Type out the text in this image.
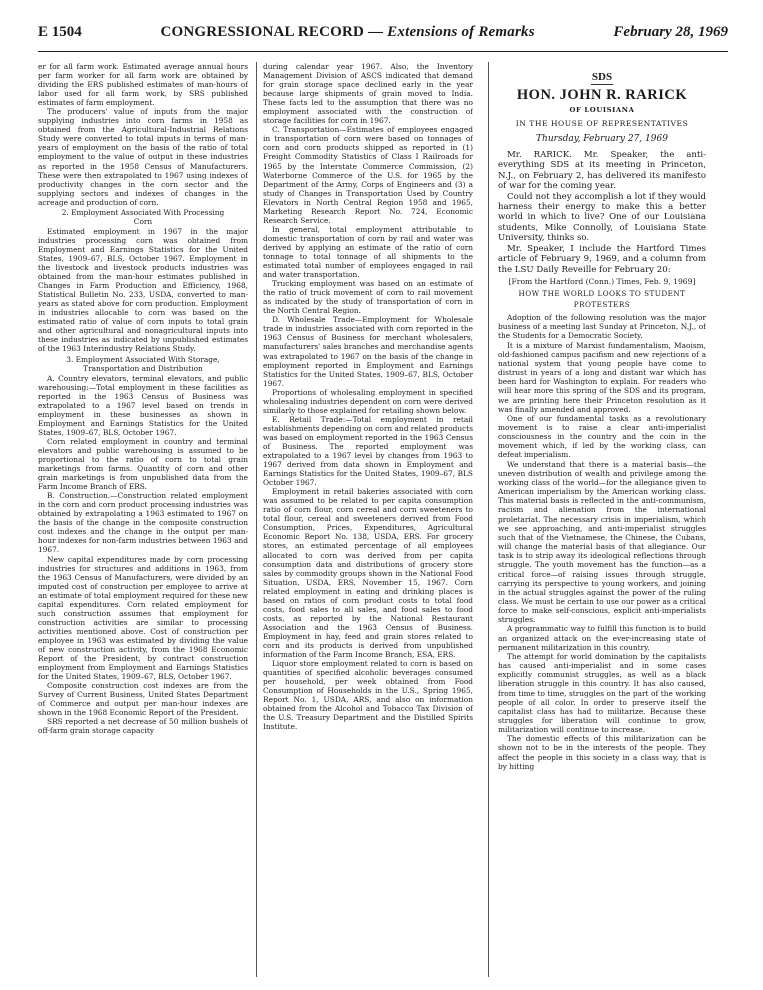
E 1504	CONGRESSIONAL RECORD — Extensions of Remarks	February 28, 1969

er for all farm work. Estimated average annual hours per farm worker for all farm work are obtained by dividing the ERS published estimates of man-hours of labor used for all farm work, by SRS published estimates of farm employment.

The producers' value of inputs from the major supplying industries into corn farms in 1958 as obtained from the Agricultural-Industrial Relations Study were converted to total inputs in terms of man-years of employment on the basis of the ratio of total employment to the value of output in these industries as reported in the 1958 Census of Manufacturers. These were then extrapolated to 1967 using indexes of productivity changes in the corn sector and the supplying sectors and indexes of changes in the acreage and production of corn.

2. Employment Associated With Processing Corn

Estimated employment in 1967 in the major industries processing corn was obtained from Employment and Earnings Statistics for the United States, 1909–67, BLS, October 1967. Employment in the livestock and livestock products industries was obtained from the man-hour estimates published in Changes in Farm Production and Efficiency, 1968, Statistical Bulletin No. 233, USDA, converted to man-years as stated above for corn production. Employment in industries allocable to corn was based on the estimated ratio of value of corn inputs to total grain and other agricultural and nonagricultural inputs into these industries as indicated by unpublished estimates of the 1963 Interindustry Relations Study.

3. Employment Associated With Storage, Transportation and Distribution

A. Country elevators, terminal elevators, and public warehousing:—Total employment in these facilities as reported in the 1963 Census of Business was extrapolated to a 1967 level based on trends in employment in these businesses as shown in Employment and Earnings Statistics for the United States, 1909–67, BLS, October 1967.

Corn related employment in country and terminal elevators and public warehousing is assumed to be proportional to the ratio of corn to total grain marketings from farms. Quantity of corn and other grain marketings is from unpublished data from the Farm Income Branch of ERS.

B. Construction.—Construction related employment in the corn and corn product processing industries was obtained by extrapolating a 1963 estimated to 1967 on the basis of the change in the composite construction cost indexes and the change in the output per man-hour indexes for non-farm industries between 1963 and 1967.

New capital expenditures made by corn processing industries for structures and additions in 1963, from the 1963 Census of Manufacturers, were divided by an imputed cost of construction per employee to arrive at an estimate of total employment required for these new capital expenditures. Corn related employment for such construction assumes that employment for construction activities are similar to processing activities mentioned above. Cost of construction per employee in 1963 was estimated by dividing the value of new construction activity, from the 1968 Economic Report of the President, by contract construction employment from Employment and Earnings Statistics for the United States, 1909–67, BLS, October 1967.

Composite construction cost indexes are from the Survey of Current Business, United States Department of Commerce and output per man-hour indexes are shown in the 1968 Economic Report of the President.

SRS reported a net decrease of 50 million bushels of off-farm grain storage capacity

during calendar year 1967. Also, the Inventory Management Division of ASCS indicated that demand for grain storage space declined early in the year because large shipments of grain moved to India. These facts led to the assumption that there was no employment associated with the construction of storage facilities for corn in 1967.

C. Transportation—Estimates of employees engaged in transportation of corn were based on tonnages of corn and corn products shipped as reported in (1) Freight Commodity Statistics of Class I Railroads for 1965 by the Interstate Commerce Commission, (2) Waterborne Commerce of the U.S. for 1965 by the Department of the Army, Corps of Engineers and (3) a study of Changes in Transportation Used by Country Elevators in North Central Region 1958 and 1965, Marketing Research Report No. 724, Economic Research Service.

In general, total employment attributable to domestic transportation of corn by rail and water was derived by applying an estimate of the ratio of corn tonnage to total tonnage of all shipments to the estimated total number of employees engaged in rail and water transportation.

Trucking employment was based on an estimate of the ratio of truck movement of corn to rail movement as indicated by the study of transportation of corn in the North Central Region.

D. Wholesale Trade—Employment for Wholesale trade in industries associated with corn reported in the 1963 Census of Business for merchant wholesalers, manufacturers' sales branches and merchandise agents was extrapolated to 1967 on the basis of the change in employment reported in Employment and Earnings Statistics for the United States, 1909–67, BLS, October 1967.

Proportions of wholesaling employment in specified wholesaling industries dependent on corn were derived similarly to those explained for retailing shown below.

E. Retail Trade:—Total employment in retail establishments depending on corn and related products was based on employment reported in the 1963 Census of Business. The reported employment was extrapolated to a 1967 level by changes from 1963 to 1967 derived from data shown in Employment and Earnings Statistics for the United States, 1909–67, BLS October 1967.

Employment in retail bakeries associated with corn was assumed to be related to per capita consumption ratio of corn flour, corn cereal and corn sweeteners to total flour, cereal and sweeteners derived from Food Consumption, Prices, Expenditures, Agricultural Economic Report No. 138, USDA, ERS. For grocery stores, an estimated percentage of all employees allocated to corn was derived from per capita consumption data and distributions of grocery store sales by commodity groups shown in the National Food Situation, USDA, ERS, November 15, 1967. Corn related employment in eating and drinking places is based on ratios of corn product costs to total food costs, food sales to all sales, and food sales to food costs, as reported by the National Restaurant Association and the 1963 Census of Business. Employment in hay, feed and grain stores related to corn and its products is derived from unpublished information of the Farm Income Branch, ESA, ERS.

Liquor store employment related to corn is based on quantities of specified alcoholic beverages consumed per household, per week obtained from Food Consumption of Households in the U.S., Spring 1965, Report No. 1, USDA, ARS, and also on information obtained from the Alcohol and Tobacco Tax Division of the U.S. Treasury Department and the Distilled Spirits Institute.

SDS
HON. JOHN R. RARICK
OF LOUISIANA
IN THE HOUSE OF REPRESENTATIVES
Thursday, February 27, 1969

Mr. RARICK. Mr. Speaker, the anti-everything SDS at its meeting in Princeton, N.J., on February 2, has delivered its manifesto of war for the coming year.

Could not they accomplish a lot if they would harness their energy to make this a better world in which to live? One of our Louisiana students, Mike Connolly, of Louisiana State University, thinks so.

Mr. Speaker, I include the Hartford Times article of February 9, 1969, and a column from the LSU Daily Reveille for February 20:

[From the Hartford (Conn.) Times, Feb. 9, 1969]
HOW THE WORLD LOOKS TO STUDENT PROTESTERS

Adoption of the following resolution was the major business of a meeting last Sunday at Princeton, N.J., of the Students for a Democratic Society.

It is a mixture of Marxist fundamentalism, Maoism, old-fashioned campus pacifism and new rejections of a national system that young people have come to distrust in years of a long and distant war which has been hard for Washington to explain. For readers who will hear more this spring of the SDS and its program, we are printing here their Princeton resolution as it was finally amended and approved.

One of our fundamental tasks as a revolutionary movement is to raise a clear anti-imperialist consciousness in the country and the coin in the movement which, if led by the working class, can defeat imperialism.

We understand that there is a material basis—the uneven distribution of wealth and privilege among the working class of the world—for the allegiance given to American imperialism by the American working class. This material basis is reflected in the anti-communism, racism and alienation from the international proletariat. The necessary crisis in imperialism, which we see approaching, and anti-imperialist struggles such that of the Vietnamese, the Chinese, the Cubans, will change the material basis of that allegiance. Our task is to strip away its ideological reflections through struggle. The youth movement has the function—as a critical force—of raising issues through struggle, carrying its perspective to young workers, and joining in the actual struggles against the power of the ruling class. We must be certain to use our power as a critical force to make self-conscious, explicit anti-imperialists struggles.

A programmatic way to fulfill this function is to build an organized attack on the ever-increasing state of permanent militarization in this country.

The attempt for world domination by the capitalists has caused anti-imperialist and in some cases explicitly communist struggles, as well as a black liberation struggle in this country. It has also caused, from time to time, struggles on the part of the working people of all color. In order to preserve itself the capitalist class has had to militarize. Because these struggles for liberation will continue to grow, militarization will continue to increase.

The domestic effects of this militarization can be shown not to be in the interests of the people. They affect the people in this society in a class way, that is by hitting
